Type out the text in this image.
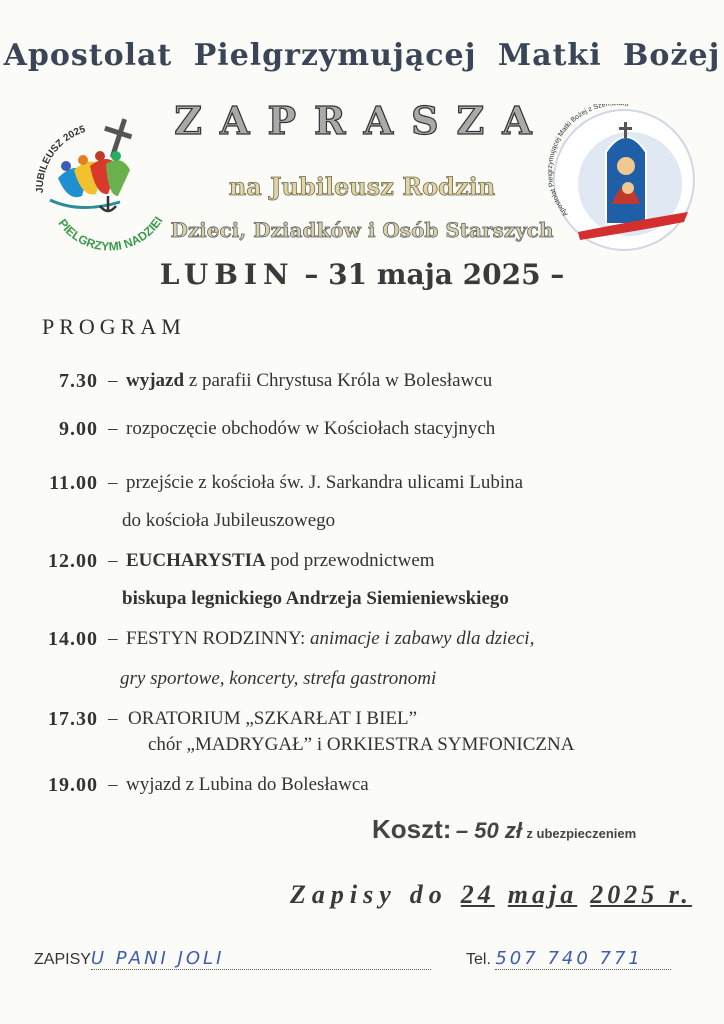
Apostolat Pielgrzymującej Matki Bożej
ZAPRASZA
na Jubileusz Rodzin
Dzieci, Dziadków i Osób Starszych
LUBIN – 31 maja 2025 –
JUBILEUSZ 2025
PIELGRZYMI NADZIEI
Apostolat Pie ymującej Matki Bożej z Szen u
PROGRAM
7.30 – wyjazd z parafii Chrystusa Króla w Bolesławcu
9.00 – rozpoczęcie obchodów w Kościołach stacyjnych
11.00 – przejście z kościoła św. J. Sarkandra ulicami Lubina
do kościoła Jubileuszowego
12.00 – EUCHARYSTIA pod przewodnictwem
biskupa legnickiego Andrzeja Siemieniewskiego
14.00 – FESTYN RODZINNY: animacje i zabawy dla dzieci,
gry sportowe, koncerty, strefa gastronomi
17.30 – ORATORIUM „SZKARŁAT I BIEL”
chór „MADRYGAŁ” i ORKIESTRA SYMFONICZNA
19.00 – wyjazd z Lubina do Bolesławca
Koszt: – 50 zł z ubezpieczeniem
Zapisy do 24 maja 2025 r.
ZAPISYU PANI JOLI	Tel. 507 740 771
